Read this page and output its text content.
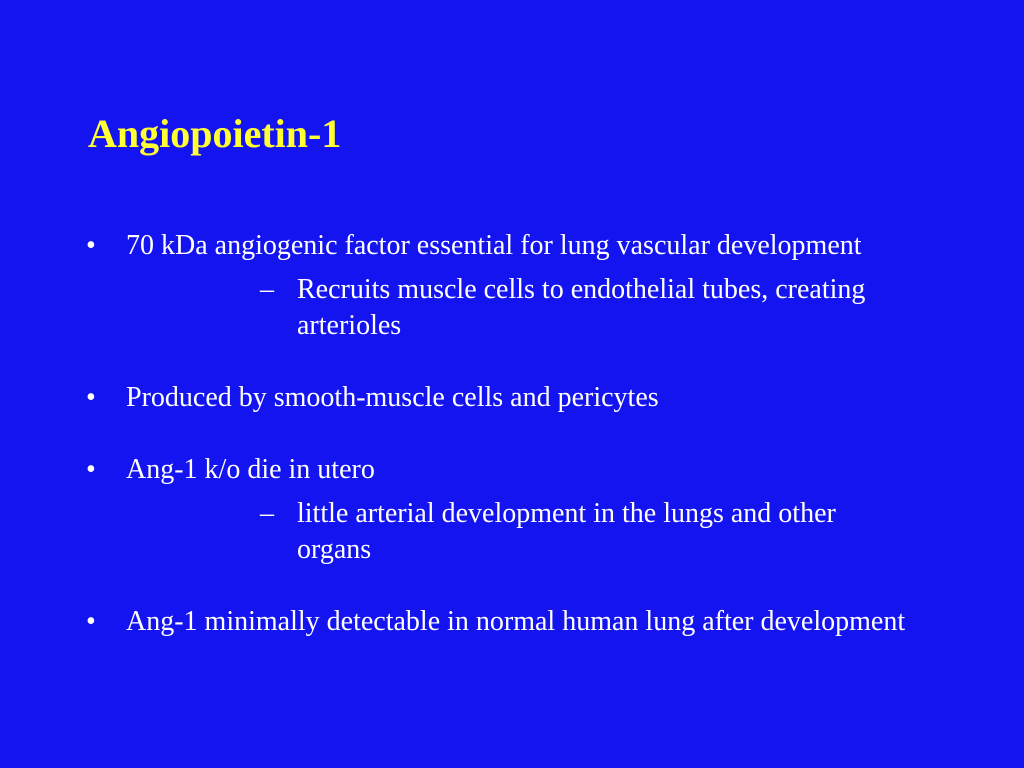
Angiopoietin-1
• 70 kDa angiogenic factor essential for lung vascular development
– Recruits muscle cells to endothelial tubes, creating arterioles
• Produced by smooth-muscle cells and pericytes
• Ang-1 k/o die in utero
– little arterial development in the lungs and other organs
• Ang-1 minimally detectable in normal human lung after development
